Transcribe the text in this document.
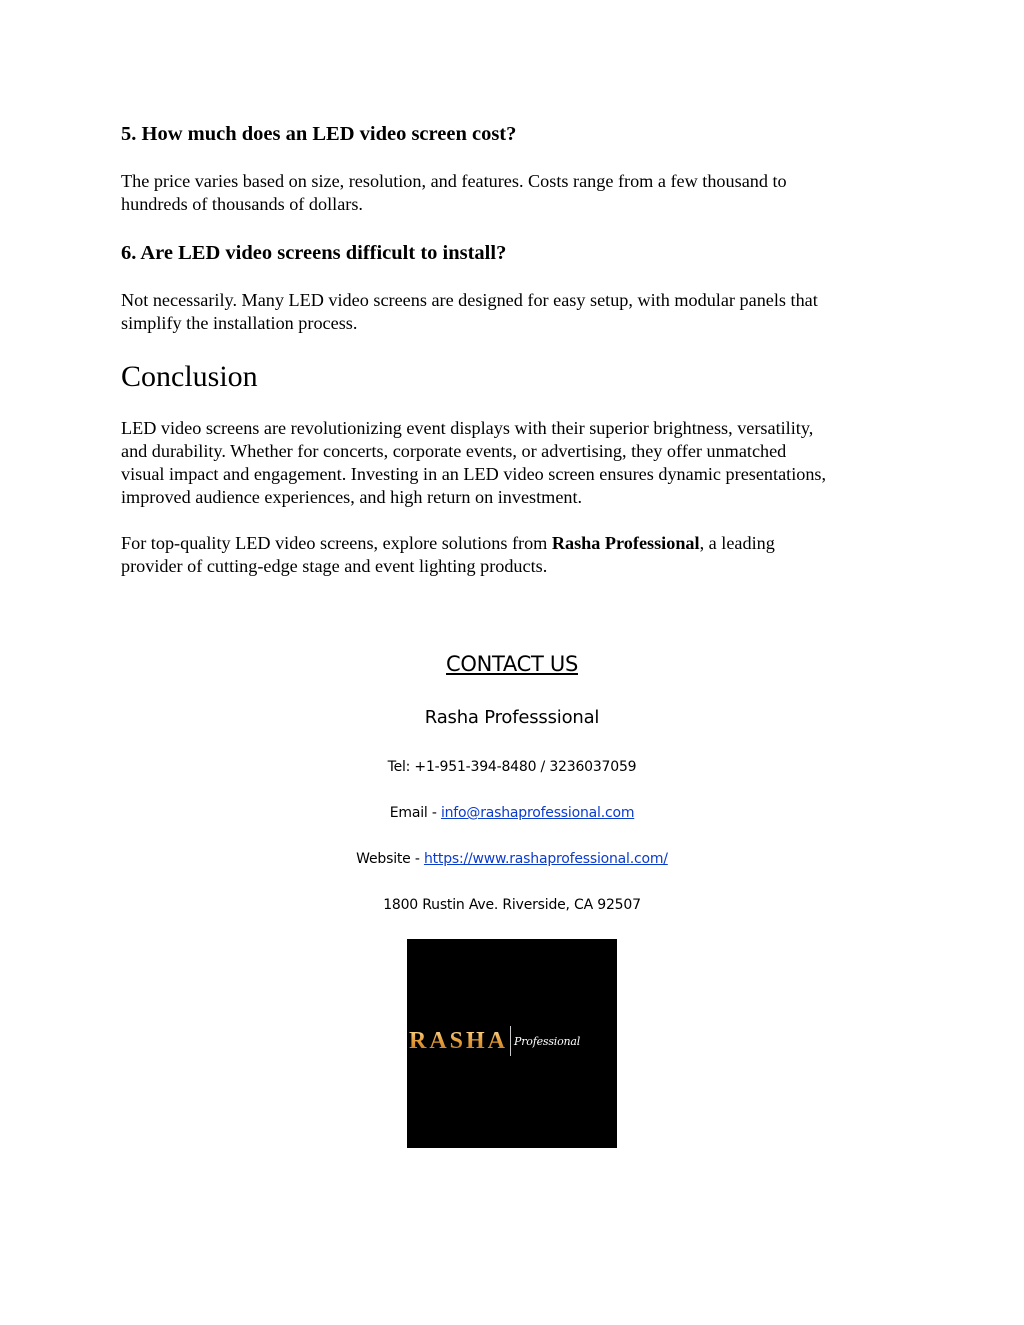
5. How much does an LED video screen cost?

The price varies based on size, resolution, and features. Costs range from a few thousand to
hundreds of thousands of dollars.

6. Are LED video screens difficult to install?

Not necessarily. Many LED video screens are designed for easy setup, with modular panels that
simplify the installation process.

Conclusion

LED video screens are revolutionizing event displays with their superior brightness, versatility,
and durability. Whether for concerts, corporate events, or advertising, they offer unmatched
visual impact and engagement. Investing in an LED video screen ensures dynamic presentations,
improved audience experiences, and high return on investment.

For top-quality LED video screens, explore solutions from Rasha Professional, a leading
provider of cutting-edge stage and event lighting products.

CONTACT US
Rasha Professsional
Tel: +1-951-394-8480 / 3236037059
Email - info@rashaprofessional.com
Website - https://www.rashaprofessional.com/
1800 Rustin Ave. Riverside, CA 92507
RASHA Professional
